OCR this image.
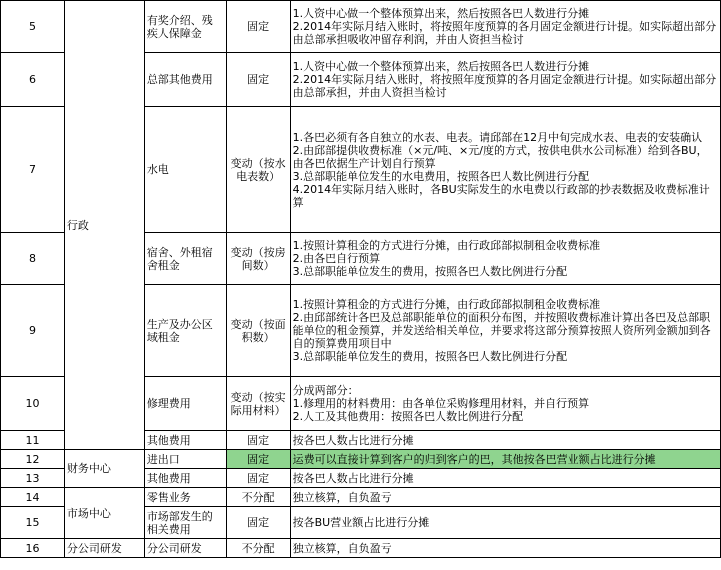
5	行政	有奖介绍、残疾人保障金	固定	1.人资中心做一个整体预算出来，然后按照各巴人数进行分摊
2.2014年实际月结入账时，将按照年度预算的各月固定金额进行计提。如实际超出部分由总部承担吸收冲留存利润，并由人资担当检讨

6		总部其他费用	固定	1.人资中心做一个整体预算出来，然后按照各巴人数进行分摊
2.2014年实际月结入账时，将按照年度预算的各月固定金额进行计提。如实际超出部分由总部承担，并由人资担当检讨

7		水电	变动（按水电表数）	1.各巴必须有各自独立的水表、电表。请邱部在12月中旬完成水表、电表的安装确认
2.由邱部提供收费标准（×元/吨、×元/度的方式，按供电供水公司标准）给到各BU，由各巴依据生产计划自行预算
3.总部职能单位发生的水电费用，按照各巴人数比例进行分配
4.2014年实际月结入账时，各BU实际发生的水电费以行政部的抄表数据及收费标准计算

8		宿舍、外租宿舍租金	变动（按房间数）	1.按照计算租金的方式进行分摊，由行政邱部拟制租金收费标准
2.由各巴自行预算
3.总部职能单位发生的费用，按照各巴人数比例进行分配

9		生产及办公区域租金	变动（按面积数）	1.按照计算租金的方式进行分摊，由行政邱部拟制租金收费标准
2.由邱部统计各巴及总部职能单位的面积分布图，并按照收费标准计算出各巴及总部职能单位的租金预算，并发送给相关单位，并要求将这部分预算按照人资所列金额加到各自的预算费用项目中
3.总部职能单位发生的费用，按照各巴人数比例进行分配

10		修理费用	变动（按实际用材料）	分成两部分：
1.修理用的材料费用：由各单位采购修理用材料，并自行预算
2.人工及其他费用：按照各巴人数比例进行分配

11		其他费用	固定	按各巴人数占比进行分摊

12	财务中心	进出口	固定	运费可以直接计算到客户的归到客户的巴，其他按各巴营业额占比进行分摊

13		其他费用	固定	按各巴人数占比进行分摊

14	市场中心	零售业务	不分配	独立核算，自负盈亏

15		市场部发生的相关费用	固定	按各BU营业额占比进行分摊

16	分公司研发	分公司研发	不分配	独立核算，自负盈亏
